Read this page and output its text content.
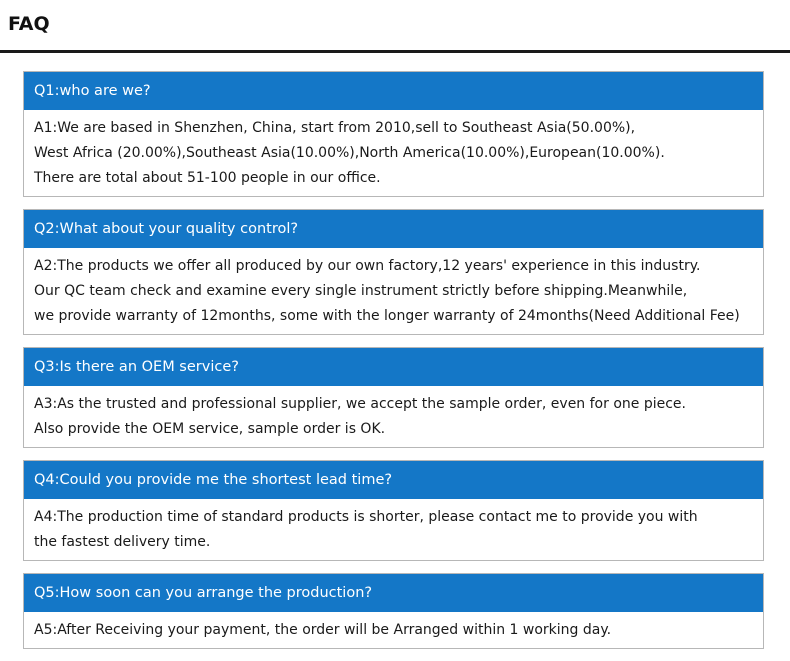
FAQ
Q1:who are we?
A1:We are based in Shenzhen, China, start from 2010,sell to Southeast Asia(50.00%),
West Africa (20.00%),Southeast Asia(10.00%),North America(10.00%),European(10.00%).
There are total about 51-100 people in our office.
Q2:What about your quality control?
A2:The products we offer all produced by our own factory,12 years' experience in this industry.
Our QC team check and examine every single instrument strictly before shipping.Meanwhile,
we provide warranty of 12months, some with the longer warranty of 24months(Need Additional Fee)
Q3:Is there an OEM service?
A3:As the trusted and professional supplier, we accept the sample order, even for one piece.
Also provide the OEM service, sample order is OK.
Q4:Could you provide me the shortest lead time?
A4:The production time of standard products is shorter, please contact me to provide you with
the fastest delivery time.
Q5:How soon can you arrange the production?
A5:After Receiving your payment, the order will be Arranged within 1 working day.
